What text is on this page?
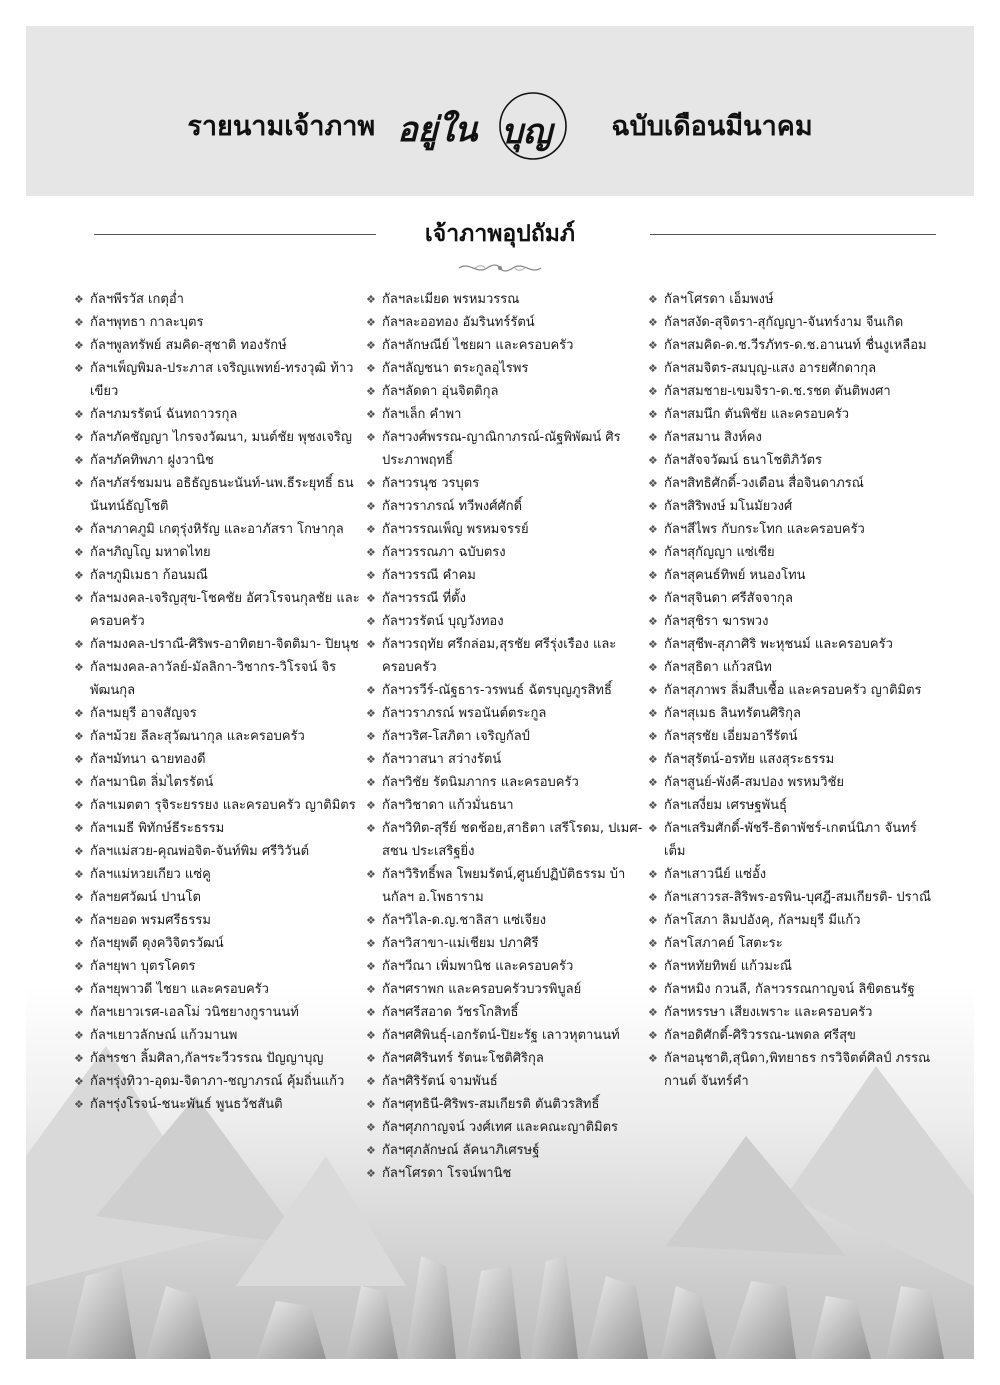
รายนามเจ้าภาพ อยู่ใน บุญ ฉบับเดือนมีนาคม
เจ้าภาพอุปถัมภ์
❖ กัลฯพีรวัส เกตุอ่ำ
❖ กัลฯพุทธา กาละบุตร
❖ กัลฯพูลทรัพย์ สมคิด-สุชาติ ทองรักษ์
❖ กัลฯเพ็ญพิมล-ประภาส เจริญแพทย์-ทรงวุฒิ ท้าวเขียว
❖ กัลฯภมรรัตน์ ฉันทถาวรกุล
❖ กัลฯภัคชัญญา ไกรจงวัฒนา, มนต์ชัย พุชงเจริญ
❖ กัลฯภัคทิพภา ฝูงวานิช
❖ กัลฯภัสร์ชมมน อธิธัญธนะนันท์-นพ.ธีระยุทธิ์ ธนนันทน์ธัญโชติ
❖ กัลฯภาคภูมิ เกตุรุ่งหิรัญ และอาภัสรา โกษากุล
❖ กัลฯภิญโญ มหาดไทย
❖ กัลฯภูมิเมธา ก้อนมณี
❖ กัลฯมงคล-เจริญสุข-โชคชัย อัศวโรจนกุลชัย และครอบครัว
❖ กัลฯมงคล-ปราณี-ศิริพร-อาทิตยา-จิตติมา- ปิยนุช
❖ กัลฯมงคล-ลาวัลย์-มัลลิกา-วิชากร-วิโรจน์ จิรพัฒนกุล
❖ กัลฯมยุรี อาจสัญจร
❖ กัลฯม้วย ลีละสุวัฒนากุล และครอบครัว
❖ กัลฯมัทนา ฉายทองดี
❖ กัลฯมานิต ลิ่มไตรรัตน์
❖ กัลฯเมตตา รุจิระยรรยง และครอบครัว ญาติมิตร
❖ กัลฯเมธี พิทักษ์ธีระธรรม
❖ กัลฯแม่สวย-คุณพ่อจิต-จันท์พิม ศรีวิวันต์
❖ กัลฯแม่หวยเกียว แซ่คู
❖ กัลฯยศวัฒน์ ปานโต
❖ กัลฯยอด พรมศรีธรรม
❖ กัลฯยุพดี ตุงควิจิตรวัฒน์
❖ กัลฯยุพา บุตรโคตร
❖ กัลฯยุพาวดี ไชยา และครอบครัว
❖ กัลฯเยาวเรศ-เอลโม่ วนิชยางกูรานนท์
❖ กัลฯเยาวลักษณ์ แก้วมานพ
❖ กัลฯรชา ลิ้มศิลา,กัลฯระวีวรรณ ปัญญาบุญ
❖ กัลฯรุ่งทิวา-อุดม-จิดาภา-ชญาภรณ์ คุ้มถิ่นแก้ว
❖ กัลฯรุ่งโรจน์-ชนะพันธ์ พูนธวัชสันติ
❖ กัลฯละเมียด พรหมวรรณ
❖ กัลฯละออทอง อัมรินทร์รัตน์
❖ กัลฯลักษณีย์ ไชยผา และครอบครัว
❖ กัลฯลัญชนา ตระกูลอุไรพร
❖ กัลฯลัดดา อุ่นจิตติกุล
❖ กัลฯเล็ก คำพา
❖ กัลฯวงศ์พรรณ-ญาณิกาภรณ์-ณัฐพิพัฒน์ ศิรประภาพฤทธิ์
❖ กัลฯวรนุช วรบุตร
❖ กัลฯวราภรณ์ ทวีพงศ์ศักดิ์
❖ กัลฯวรรณเพ็ญ พรหมจรรย์
❖ กัลฯวรรณภา ฉบับตรง
❖ กัลฯวรรณี คำคม
❖ กัลฯวรรณี ที่ตั้ง
❖ กัลฯวรรัตน์ บุญวังทอง
❖ กัลฯวรฤทัย ศรีกล่อม,สุรชัย ศรีรุ่งเรือง และครอบครัว
❖ กัลฯวรวีร์-ณัฐธาร-วรพนธ์ ฉัตรบุญภูรสิทธิ์
❖ กัลฯวราภรณ์ พรอนันต์ตระกูล
❖ กัลฯวริศ-โสภิตา เจริญกัลป์
❖ กัลฯวาสนา สว่างรัตน์
❖ กัลฯวิชัย รัตนิมภากร และครอบครัว
❖ กัลฯวิชาดา แก้วมั่นธนา
❖ กัลฯวิทิต-สุรีย์ ชดช้อย,สาธิตา เสรีโรดม, ปเมศ-สชน ประเสริฐยิ่ง
❖ กัลฯวิริทธิ์พล โพยมรัตน์,ศูนย์ปฏิบัติธรรม บ้านกัลฯ อ.โพธาราม
❖ กัลฯวิไล-ด.ญ.ชาลิสา แซ่เจียง
❖ กัลฯวิสาขา-แม่เชียม ปภาศิรี
❖ กัลฯวีณา เพิ่มพานิช และครอบครัว
❖ กัลฯศราพก และครอบครัวบวรพิบูลย์
❖ กัลฯศรีสอาด วัชรโกสิทธิ์
❖ กัลฯศศิพินธุ์-เอกรัตน์-ปิยะรัฐ เลาวหุตานนท์
❖ กัลฯศศิรินทร์ รัตนะโชติศิริกุล
❖ กัลฯศิริรัตน์ จามพันธ์
❖ กัลฯศุทธินี-ศิริพร-สมเกียรติ ตันติวรสิทธิ์
❖ กัลฯศุภกาญจน์ วงศ์เทศ และคณะญาติมิตร
❖ กัลฯศุภลักษณ์ ลัคนาภิเศรษฐ์
❖ กัลฯโศรดา โรจน์พานิช
❖ กัลฯโศรดา เอ็มพงษ์
❖ กัลฯสงัด-สุจิตรา-สุกัญญา-จันทร์งาม จีนเกิด
❖ กัลฯสมคิด-ด.ช.วีรภัทร-ด.ช.อานนท์ ชื่นงูเหลือม
❖ กัลฯสมจิตร-สมบุญ-แสง อารยศักดากุล
❖ กัลฯสมชาย-เขมจิรา-ด.ช.รชต ตันติพงศา
❖ กัลฯสมนึก ตันพิชัย และครอบครัว
❖ กัลฯสมาน สิงห์คง
❖ กัลฯสัจจวัฒน์ ธนาโชติภิวัตร
❖ กัลฯสิทธิศักดิ์-วงเดือน สื่อจินดาภรณ์
❖ กัลฯสิริพงษ์ มโนมัยวงศ์
❖ กัลฯสีไพร กับกระโทก และครอบครัว
❖ กัลฯสุกัญญา แซ่เซีย
❖ กัลฯสุคนธ์ทิพย์ หนองโทน
❖ กัลฯสุจินดา ศรีสัจจากุล
❖ กัลฯสุชิรา ฆารพวง
❖ กัลฯสุชีพ-สุภาศิริ พะหุชนม์ และครอบครัว
❖ กัลฯสุธิดา แก้วสนิท
❖ กัลฯสุภาพร ลิ่มสืบเชื้อ และครอบครัว ญาติมิตร
❖ กัลฯสุเมธ ลินทรัตนศิริกุล
❖ กัลฯสุรชัย เอี่ยมอารีรัตน์
❖ กัลฯสุรัตน์-อรทัย แสงสุระธรรม
❖ กัลฯสูนย์-พังคี-สมปอง พรหมวิชัย
❖ กัลฯเสงี่ยม เศรษฐพันธุ์
❖ กัลฯเสริมศักดิ์-พัชรี-ธิดาพัชร์-เกตน์นิภา จันทร์เต็ม
❖ กัลฯเสาวนีย์ แซ่อั้ง
❖ กัลฯเสาวรส-สิริพร-อรพิน-บุศฎี-สมเกียรติ- ปราณี
❖ กัลฯโสภา ลิมปอังคุ, กัลฯมยุรี มีแก้ว
❖ กัลฯโสภาคย์ โสตะระ
❖ กัลฯหทัยทิพย์ แก้วมะณี
❖ กัลฯหมิง กวนลี, กัลฯวรรณกาญจน์ ลิขิตธนรัฐ
❖ กัลฯหรรษา เสียงเพราะ และครอบครัว
❖ กัลฯอดิศักดิ์-ศิริวรรณ-นพดล ศรีสุข
❖ กัลฯอนุชาติ,สุนิดา,พิทยาธร กรวิจิตต์ศิลป์ ภรรณกานต์ จันทร์คำ
